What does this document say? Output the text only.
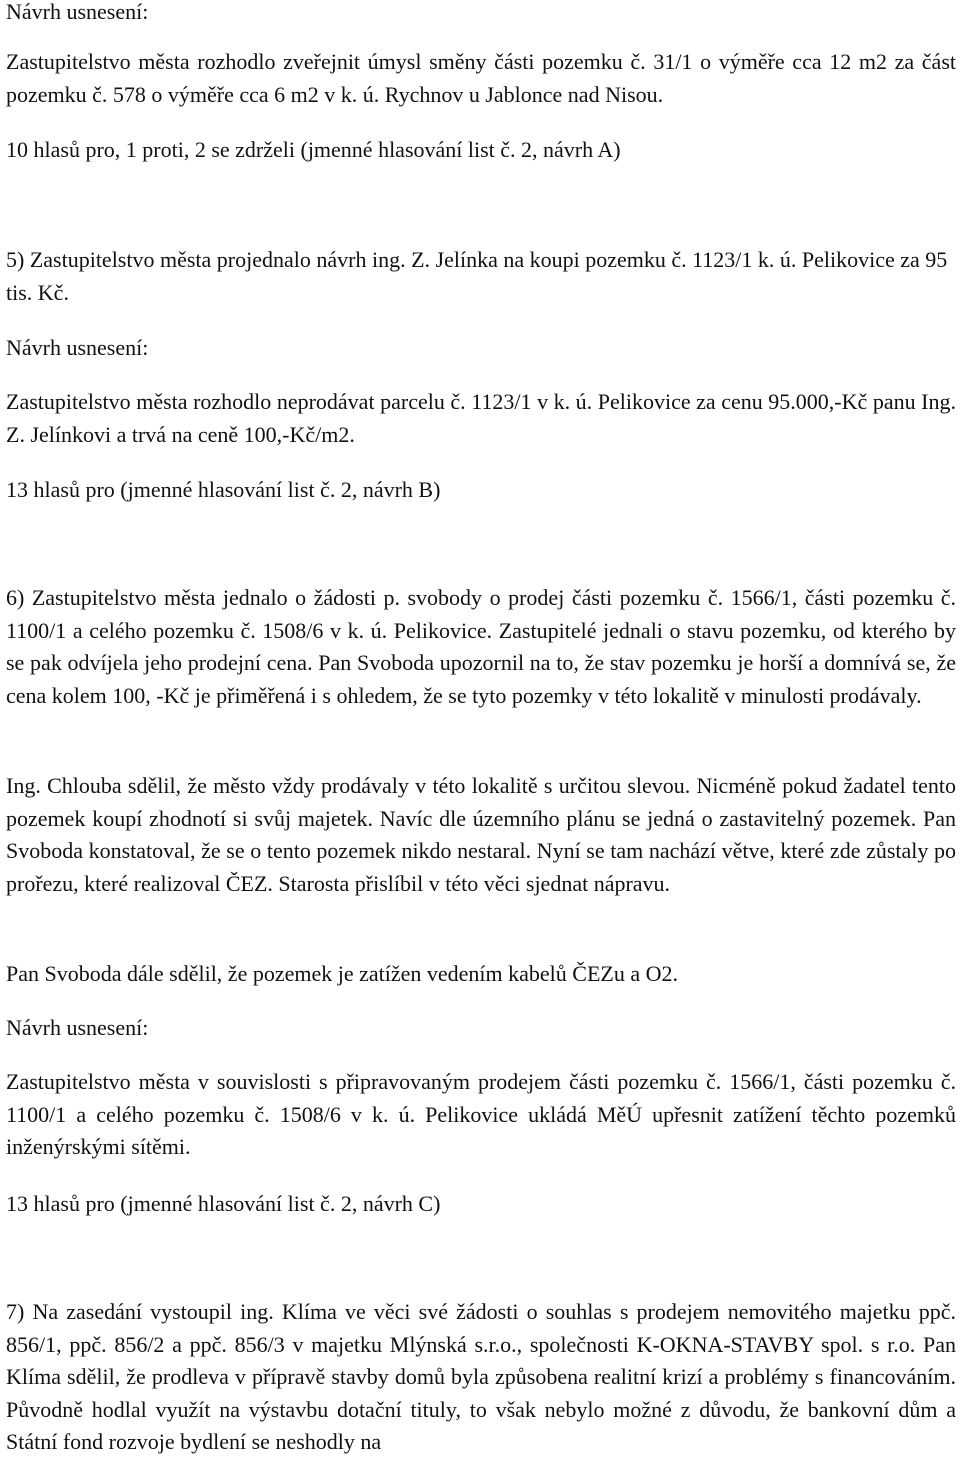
Návrh usnesení:

Zastupitelstvo města rozhodlo zveřejnit úmysl směny části pozemku č. 31/1 o výměře cca 12 m2 za část pozemku č. 578 o výměře cca 6 m2 v k. ú. Rychnov u Jablonce nad Nisou.

10 hlasů pro, 1 proti, 2 se zdrželi (jmenné hlasování list č. 2, návrh A)

5) Zastupitelstvo města projednalo návrh ing. Z. Jelínka na koupi pozemku č. 1123/1 k. ú. Pelikovice za 95 tis. Kč.

Návrh usnesení:

Zastupitelstvo města rozhodlo neprodávat parcelu č. 1123/1 v k. ú. Pelikovice za cenu 95.000,-Kč panu Ing. Z. Jelínkovi a trvá na ceně 100,-Kč/m2.

13 hlasů pro (jmenné hlasování list č. 2, návrh B)

6) Zastupitelstvo města jednalo o žádosti p. svobody o prodej části pozemku č. 1566/1, části pozemku č. 1100/1 a celého pozemku č. 1508/6 v k. ú. Pelikovice. Zastupitelé jednali o stavu pozemku, od kterého by se pak odvíjela jeho prodejní cena. Pan Svoboda upozornil na to, že stav pozemku je horší a domnívá se, že cena kolem 100, -Kč je přiměřená i s ohledem, že se tyto pozemky v této lokalitě v minulosti prodávaly.

Ing. Chlouba sdělil, že město vždy prodávaly v této lokalitě s určitou slevou. Nicméně pokud žadatel tento pozemek koupí zhodnotí si svůj majetek. Navíc dle územního plánu se jedná o zastavitelný pozemek. Pan Svoboda konstatoval, že se o tento pozemek nikdo nestaral. Nyní se tam nachází větve, které zde zůstaly po prořezu, které realizoval ČEZ. Starosta přislíbil v této věci sjednat nápravu.

Pan Svoboda dále sdělil, že pozemek je zatížen vedením kabelů ČEZu a O2.

Návrh usnesení:

Zastupitelstvo města v souvislosti s připravovaným prodejem části pozemku č. 1566/1, části pozemku č. 1100/1 a celého pozemku č. 1508/6 v k. ú. Pelikovice ukládá MěÚ upřesnit zatížení těchto pozemků inženýrskými sítěmi.

13 hlasů pro (jmenné hlasování list č. 2, návrh C)

7) Na zasedání vystoupil ing. Klíma ve věci své žádosti o souhlas s prodejem nemovitého majetku ppč. 856/1, ppč. 856/2 a ppč. 856/3 v majetku Mlýnská s.r.o., společnosti K-OKNA-STAVBY spol. s r.o. Pan Klíma sdělil, že prodleva v přípravě stavby domů byla způsobena realitní krizí a problémy s financováním. Původně hodlal využít na výstavbu dotační tituly, to však nebylo možné z důvodu, že bankovní dům a Státní fond rozvoje bydlení se neshodly na
